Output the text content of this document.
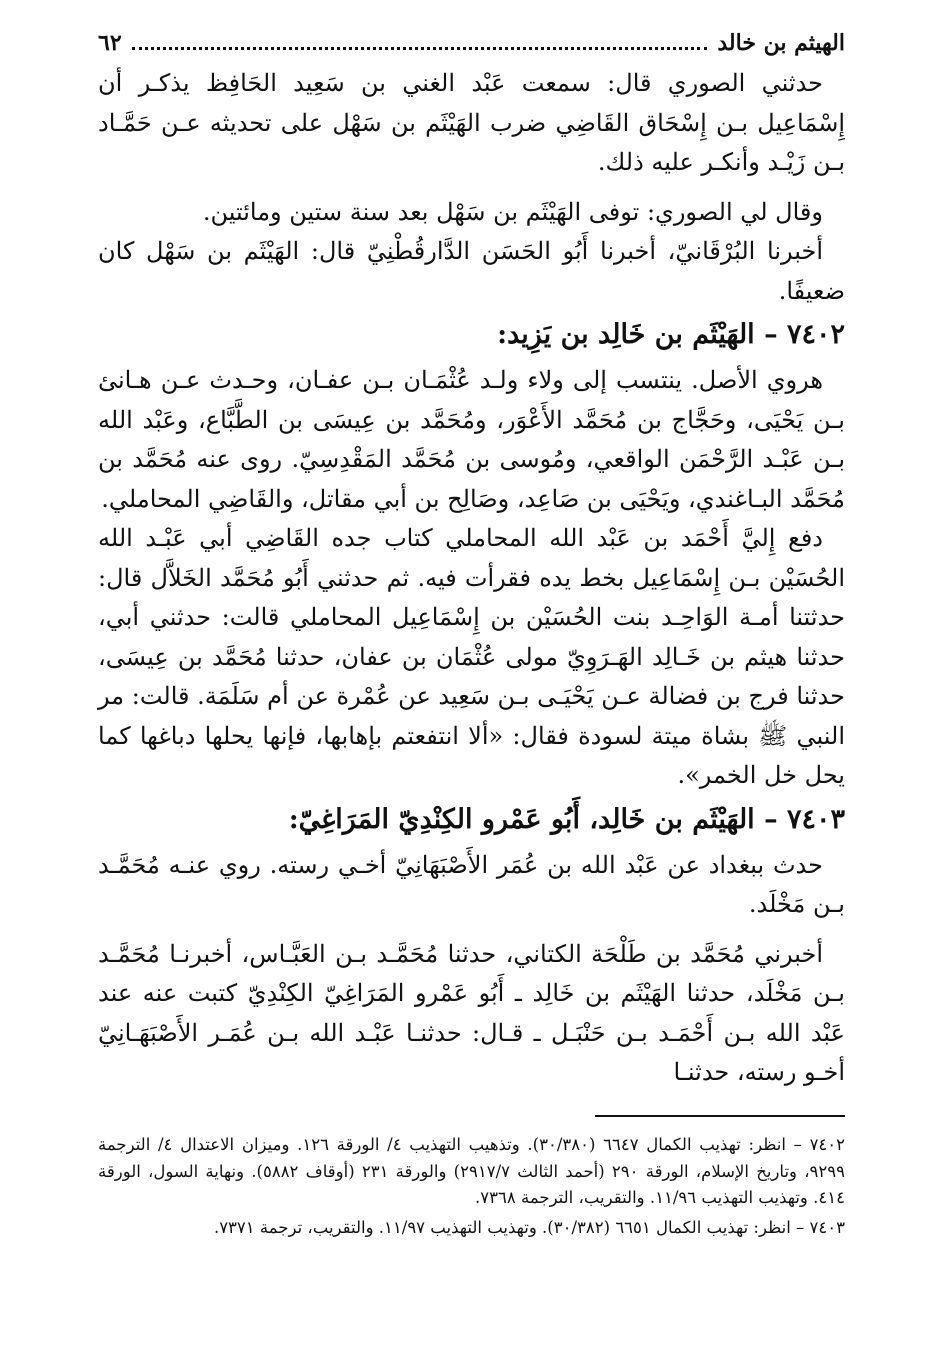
الهيثم بن خالد
٦٢

حدثني الصوري قال: سمعت عَبْد الغني بن سَعِيد الحَافِظ يذكـر أن إِسْمَاعِيل بـن إِسْحَاق القَاضِي ضرب الهَيْثَم بن سَهْل على تحديثه عـن حَمَّـاد بـن زَيْـد وأنكـر عليه ذلك.

وقال لي الصوري: توفى الهَيْثَم بن سَهْل بعد سنة ستين ومائتين.

أخبرنا البُرْقَانيّ، أخبرنا أَبُو الحَسَن الدَّارقُطْنِيّ قال: الهَيْثَم بن سَهْل كان ضعيفًا.

٧٤٠٢ – الهَيْثَم بن خَالِد بن يَزِيد:

هروي الأصل. ينتسب إلى ولاء ولـد عُثْمَـان بـن عفـان، وحـدث عـن هـانئ بـن يَحْيَى، وحَجَّاج بن مُحَمَّد الأَعْوَر، ومُحَمَّد بن عِيسَى بن الطَّبَّاع، وعَبْد الله بـن عَبْـد الرَّحْمَن الواقعي، ومُوسى بن مُحَمَّد المَقْدِسِيّ. روى عنه مُحَمَّد بن مُحَمَّد البـاغندي، ويَحْيَى بن صَاعِد، وصَالِح بن أبي مقاتل، والقَاضِي المحاملي.

دفع إِليَّ أَحْمَد بن عَبْد الله المحاملي كتاب جده القَاضِي أبي عَبْـد الله الحُسَيْن بـن إِسْمَاعِيل بخط يده فقرأت فيه. ثم حدثني أَبُو مُحَمَّد الخَلاَّل قال: حدثتنا أمـة الوَاحِـد بنت الحُسَيْن بن إِسْمَاعِيل المحاملي قالت: حدثني أبي، حدثنا هيثم بن خَـالِد الهَـرَوِيّ مولى عُثْمَان بن عفان، حدثنا مُحَمَّد بن عِيسَى، حدثنا فرج بن فضالة عـن يَحْيَـى بـن سَعِيد عن عُمْرة عن أم سَلَمَة. قالت: مر النبي ﷺ بشاة ميتة لسودة فقال: «ألا انتفعتم بإهابها، فإنها يحلها دباغها كما يحل خل الخمر».

٧٤٠٣ – الهَيْثَم بن خَالِد، أَبُو عَمْرو الكِنْدِيّ المَرَاغِيّ:

حدث ببغداد عن عَبْد الله بن عُمَر الأَصْبَهَانِيّ أخـي رسته. روي عنـه مُحَمَّـد بـن مَخْلَد.

أخبرني مُحَمَّد بن طَلْحَة الكتاني، حدثنا مُحَمَّـد بـن العَبَّـاس، أخبرنـا مُحَمَّـد بـن مَخْلَد، حدثنا الهَيْثَم بن خَالِد ـ أَبُو عَمْرو المَرَاغِيّ الكِنْدِيّ كتبت عنه عند عَبْد الله بـن أَحْمَـد بـن حَنْبَـل ـ قـال: حدثنـا عَبْـد الله بـن عُمَـر الأَصْبَهَـانِيّ أخـو رسته، حدثنـا

٧٤٠٢ – انظر: تهذيب الكمال ٦٦٤٧ (٣٠/٣٨٠). وتذهيب التهذيب ٤/ الورقة ١٢٦. وميزان الاعتدال ٤/ الترجمة ٩٢٩٩، وتاريخ الإسلام، الورقة ٢٩٠ (أحمد الثالث ٢٩١٧/٧) والورقة ٢٣١ (أوقاف ٥٨٨٢). ونهاية السول، الورقة ٤١٤. وتهذيب التهذيب ١١/٩٦. والتقريب، الترجمة ٧٣٦٨.

٧٤٠٣ – انظر: تهذيب الكمال ٦٦٥١ (٣٠/٣٨٢). وتهذيب التهذيب ١١/٩٧. والتقريب، ترجمة ٧٣٧١.
